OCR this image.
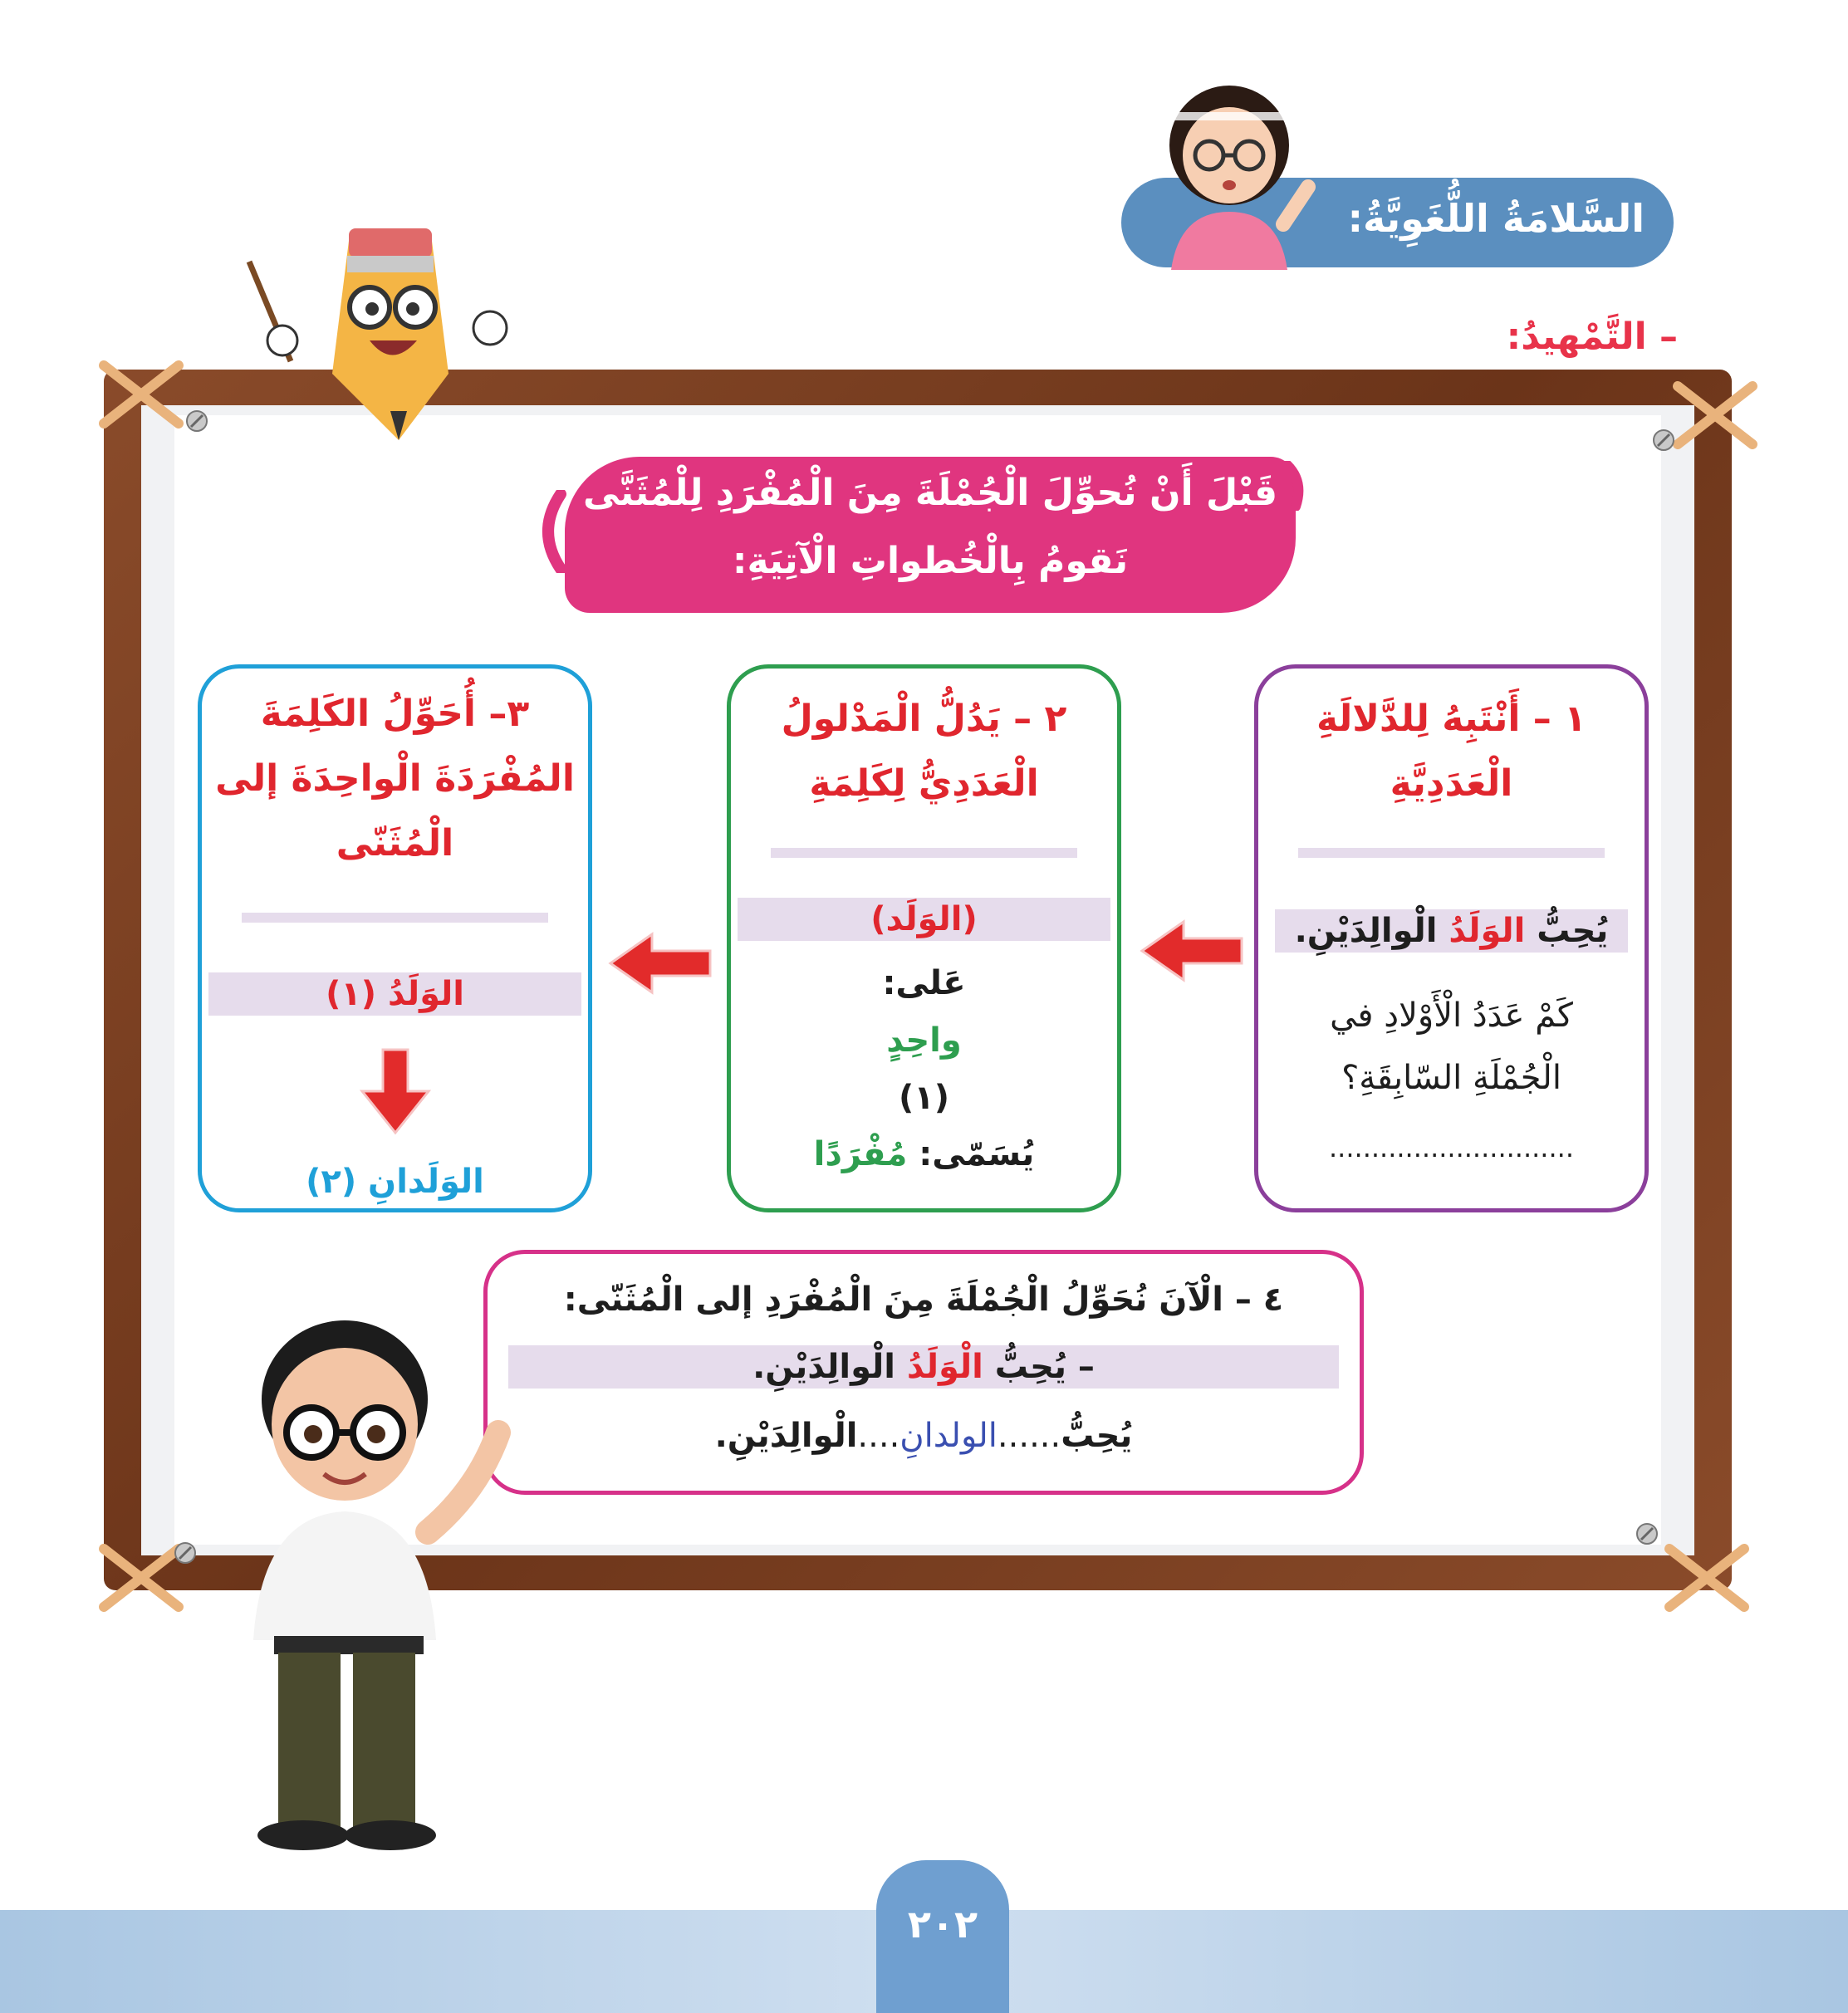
السَّلامَةُ اللُّغَوِيَّةُ:
– التَّمْهيدُ:
قَبْلَ أَنْ نُحوِّلَ الْجُمْلَةَ مِنَ الْمُفْرَدِ لِلْمُثَنَّى
نَقومُ بِالْخُطواتِ الْآتِيَةِ:
١ – أَنْتَبِهُ لِلدَّلالَةِ
الْعَدَدِيَّةِ
يُحِبُّ الوَلَدُ الْوالِدَيْنِ.
كَمْ عَدَدُ الْأَوْلادِ في
الْجُمْلَةِ السّابِقَةِ؟
.............................
٢ – يَدُلُّ الْمَدْلولُ
الْعَدَدِيُّ لِكَلِمَةِ
(الوَلَد)
عَلى:
واحِدٍ
(١)
يُسَمّى: مُفْرَدًا
٣– أُحَوِّلُ الكَلِمَةَ
المُفْرَدَةَ الْواحِدَةَ إلى
الْمُثَنّى
الوَلَدُ (١)
الوَلَدانِ (٢)
٤ – الْآنَ نُحَوِّلُ الْجُمْلَةَ مِنَ الْمُفْرَدِ إلى الْمُثَنّى:
– يُحِبُّ الْوَلَدُ الْوالِدَيْنِ.
يُحِبُّ......الولدانِ....الْوالِدَيْنِ.
٢٠٢
